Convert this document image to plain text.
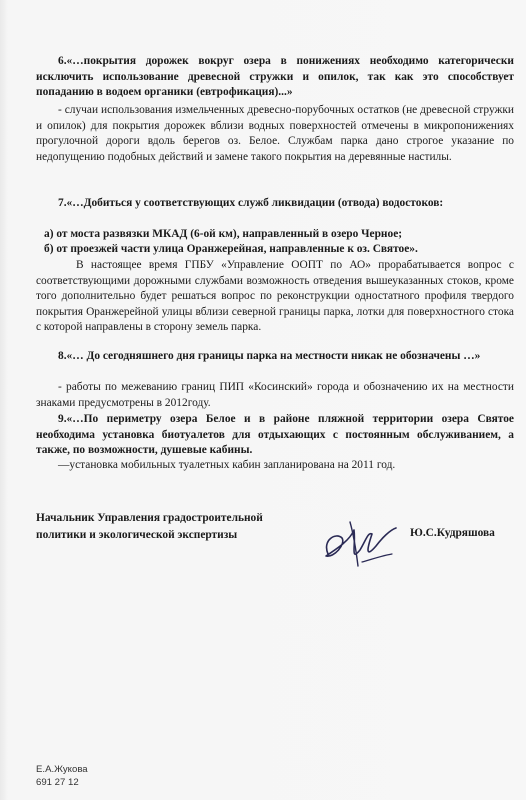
6.«…покрытия дорожек вокруг озера в понижениях необходимо категорически исключить использование древесной стружки и опилок, так как это способствует попаданию в водоем органики (евтрофикация)...»

- случаи использования измельченных древесно-порубочных остатков (не древесной стружки и опилок) для покрытия дорожек вблизи водных поверхностей отмечены в микропонижениях прогулочной дороги вдоль берегов оз. Белое. Службам парка дано строгое указание по недопущению подобных действий и замене такого покрытия на деревянные настилы.

7.«…Добиться у соответствующих служб ликвидации (отвода) водостоков:

а) от моста развязки МКАД (6-ой км), направленный в озеро Черное;

б) от проезжей части улица Оранжерейная, направленные к оз. Святое».

В настоящее время ГПБУ «Управление ООПТ по АО» прорабатывается вопрос с соответствующими дорожными службами возможность отведения вышеуказанных стоков, кроме того дополнительно будет решаться вопрос по реконструкции одностатного профиля твердого покрытия Оранжерейной улицы вблизи северной границы парка, лотки для поверхностного стока с которой направлены в сторону земель парка.

8.«… До сегодняшнего дня границы парка на местности никак не обозначены …»

- работы по межеванию границ ПИП «Косинский» города и обозначению их на местности знаками предусмотрены в 2012году.

9.«…По периметру озера Белое и в районе пляжной территории озера Святое необходима установка биотуалетов для отдыхающих с постоянным обслуживанием, а также, по возможности, душевые кабины.

—установка мобильных туалетных кабин запланирована на 2011 год.

Начальник Управления градостроительной
политики и экологической экспертизы	Ю.С.Кудряшова
Е.А.Жукова
691 27 12
